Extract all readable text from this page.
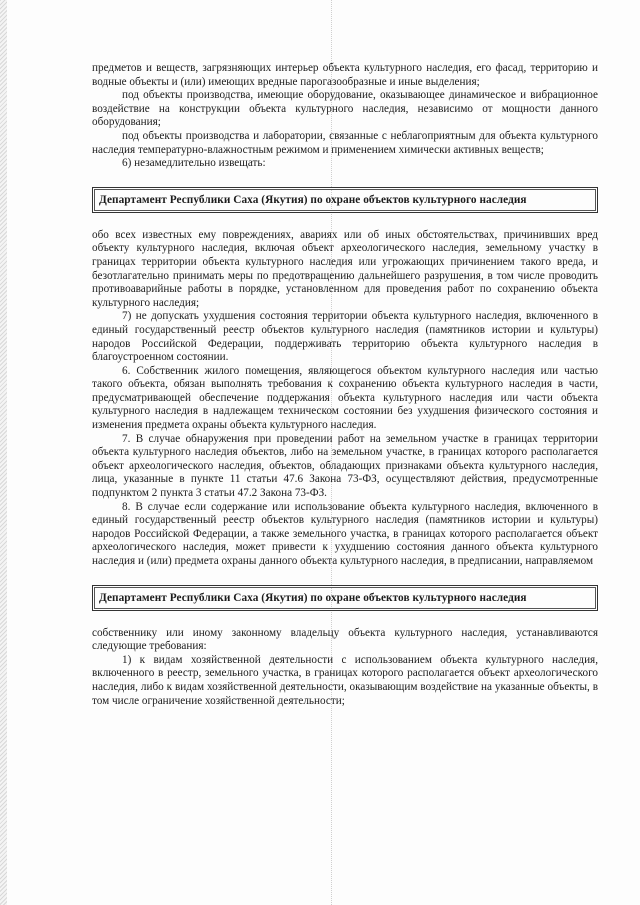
предметов и веществ, загрязняющих интерьер объекта культурного наследия, его фасад, территорию и водные объекты и (или) имеющих вредные парогазообразные и иные выделения;

под объекты производства, имеющие оборудование, оказывающее динамическое и вибрационное воздействие на конструкции объекта культурного наследия, независимо от мощности данного оборудования;

под объекты производства и лаборатории, связанные с неблагоприятным для объекта культурного наследия температурно-влажностным режимом и применением химически активных веществ;

6) незамедлительно извещать:

Департамент Республики Саха (Якутия) по охране объектов культурного наследия

обо всех известных ему повреждениях, авариях или об иных обстоятельствах, причинивших вред объекту культурного наследия, включая объект археологического наследия, земельному участку в границах территории объекта культурного наследия или угрожающих причинением такого вреда, и безотлагательно принимать меры по предотвращению дальнейшего разрушения, в том числе проводить противоаварийные работы в порядке, установленном для проведения работ по сохранению объекта культурного наследия;

7) не допускать ухудшения состояния территории объекта культурного наследия, включенного в единый государственный реестр объектов культурного наследия (памятников истории и культуры) народов Российской Федерации, поддерживать территорию объекта культурного наследия в благоустроенном состоянии.

6. Собственник жилого помещения, являющегося объектом культурного наследия или частью такого объекта, обязан выполнять требования к сохранению объекта культурного наследия в части, предусматривающей обеспечение поддержания объекта культурного наследия или части объекта культурного наследия в надлежащем техническом состоянии без ухудшения физического состояния и изменения предмета охраны объекта культурного наследия.

7. В случае обнаружения при проведении работ на земельном участке в границах территории объекта культурного наследия объектов, либо на земельном участке, в границах которого располагается объект археологического наследия, объектов, обладающих признаками объекта культурного наследия, лица, указанные в пункте 11 статьи 47.6 Закона 73-ФЗ, осуществляют действия, предусмотренные подпунктом 2 пункта 3 статьи 47.2 Закона 73-ФЗ.

8. В случае если содержание или использование объекта культурного наследия, включенного в единый государственный реестр объектов культурного наследия (памятников истории и культуры) народов Российской Федерации, а также земельного участка, в границах которого располагается объект археологического наследия, может привести к ухудшению состояния данного объекта культурного наследия и (или) предмета охраны данного объекта культурного наследия, в предписании, направляемом

Департамент Республики Саха (Якутия) по охране объектов культурного наследия

собственнику или иному законному владельцу объекта культурного наследия, устанавливаются следующие требования:

1) к видам хозяйственной деятельности с использованием объекта культурного наследия, включенного в реестр, земельного участка, в границах которого располагается объект археологического наследия, либо к видам хозяйственной деятельности, оказывающим воздействие на указанные объекты, в том числе ограничение хозяйственной деятельности;
